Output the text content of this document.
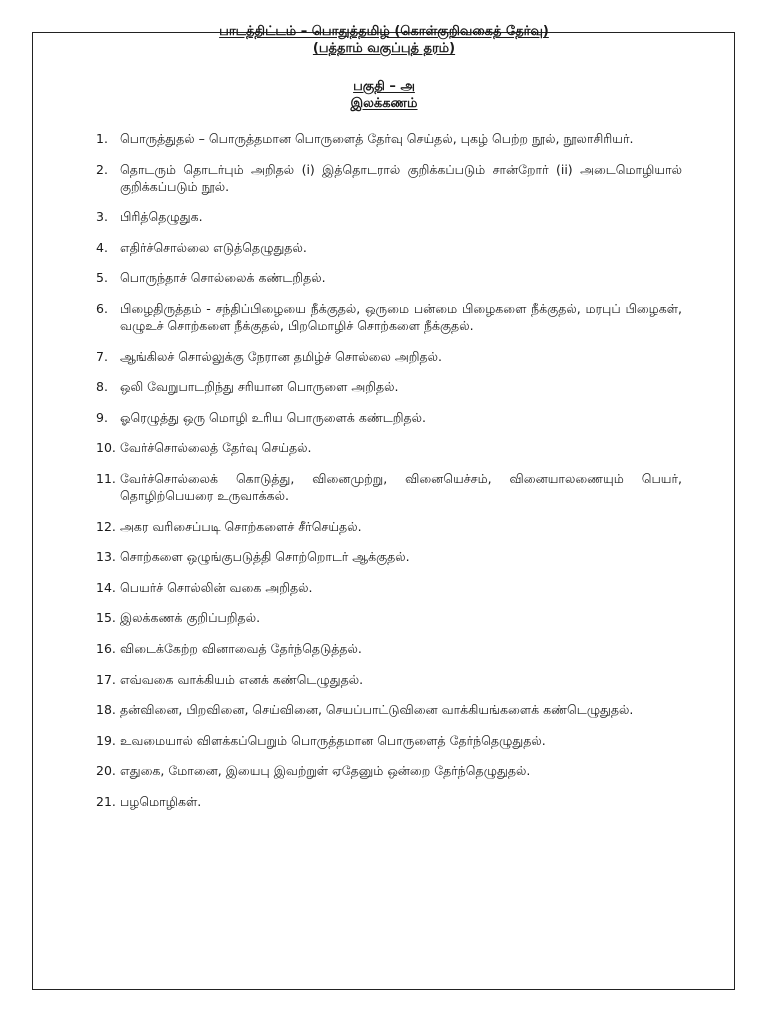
பாடத்திட்டம் – பொதுத்தமிழ் (கொள்குறிவகைத் தேர்வு)
(பத்தாம் வகுப்புத் தரம்)
பகுதி – அ
இலக்கணம்
1. பொருத்துதல் – பொருத்தமான பொருளைத் தேர்வு செய்தல், புகழ் பெற்ற நூல், நூலாசிரியர்.
2. தொடரும் தொடர்பும் அறிதல் (i) இத்தொடரால் குறிக்கப்படும் சான்றோர் (ii) அடைமொழியால் குறிக்கப்படும் நூல்.
3. பிரித்தெழுதுக.
4. எதிர்ச்சொல்லை எடுத்தெழுதுதல்.
5. பொருந்தாச் சொல்லைக் கண்டறிதல்.
6. பிழைதிருத்தம் - சந்திப்பிழையை நீக்குதல், ஒருமை பன்மை பிழைகளை நீக்குதல், மரபுப் பிழைகள், வழுஉச் சொற்களை நீக்குதல், பிறமொழிச் சொற்களை நீக்குதல்.
7. ஆங்கிலச் சொல்லுக்கு நேரான தமிழ்ச் சொல்லை அறிதல்.
8. ஒலி வேறுபாடறிந்து சரியான பொருளை அறிதல்.
9. ஓரெழுத்து ஒரு மொழி உரிய பொருளைக் கண்டறிதல்.
10. வேர்ச்சொல்லைத் தேர்வு செய்தல்.
11. வேர்ச்சொல்லைக் கொடுத்து, வினைமுற்று, வினையெச்சம், வினையாலணையும் பெயர், தொழிற்பெயரை உருவாக்கல்.
12. அகர வரிசைப்படி சொற்களைச் சீர்செய்தல்.
13. சொற்களை ஒழுங்குபடுத்தி சொற்றொடர் ஆக்குதல்.
14. பெயர்ச் சொல்லின் வகை அறிதல்.
15. இலக்கணக் குறிப்பறிதல்.
16. விடைக்கேற்ற வினாவைத் தேர்ந்தெடுத்தல்.
17. எவ்வகை வாக்கியம் எனக் கண்டெழுதுதல்.
18. தன்வினை, பிறவினை, செய்வினை, செயப்பாட்டுவினை வாக்கியங்களைக் கண்டெழுதுதல்.
19. உவமையால் விளக்கப்பெறும் பொருத்தமான பொருளைத் தேர்ந்தெழுதுதல்.
20. எதுகை, மோனை, இயைபு இவற்றுள் ஏதேனும் ஒன்றை தேர்ந்தெழுதுதல்.
21. பழமொழிகள்.
